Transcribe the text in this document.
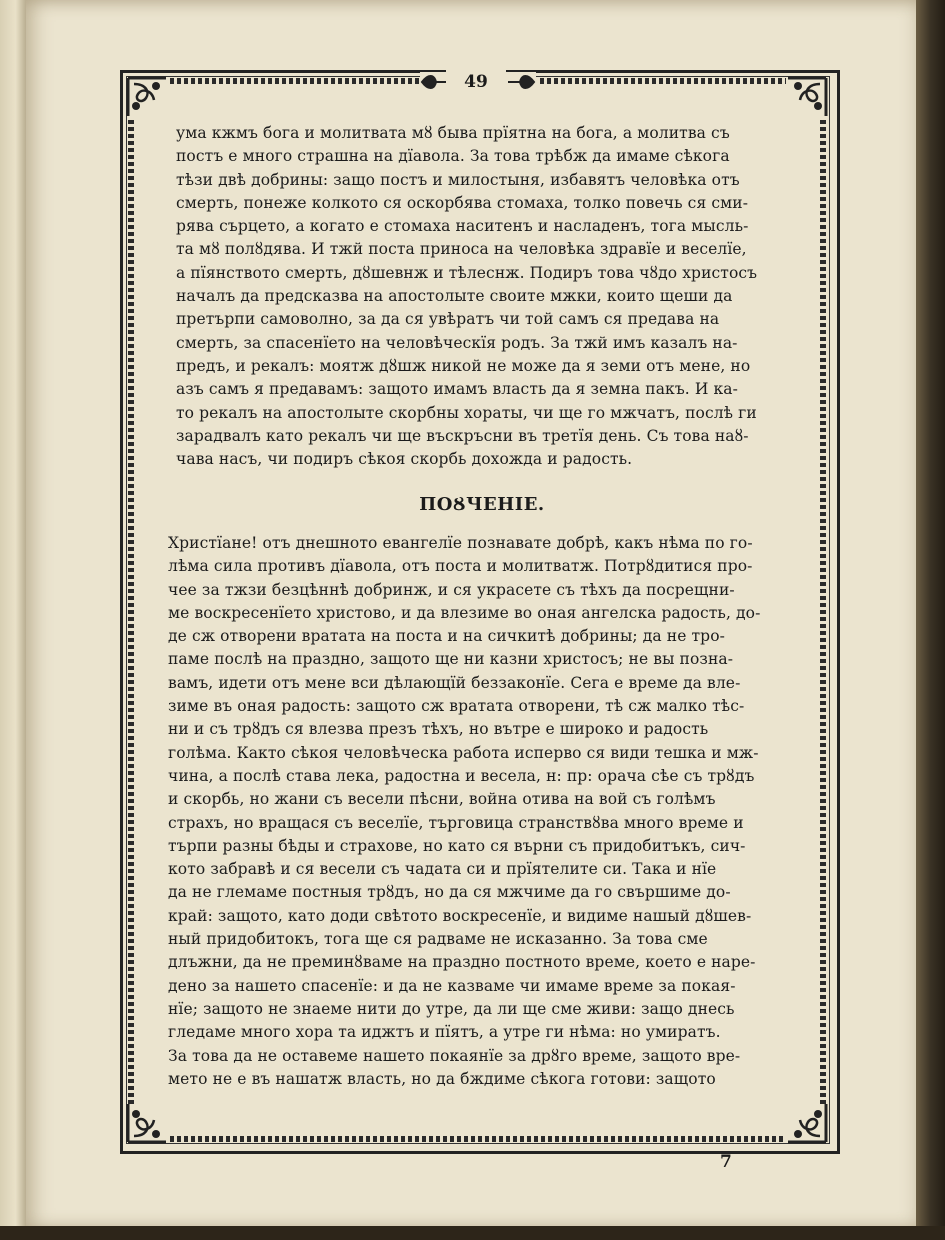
49
ума кжмъ бога и молитвата мȣ бывa прїятна на бога, а молитва съ
постъ е много страшна на дїавола. За това трѣбж да имаме сѣкога
тѣзи двѣ добрины: защо постъ и милостыня, избавятъ человѣка отъ
смерть, понеже колкото ся оскорбява стомаха, толко повечь ся сми-
рява сърцето, а когато е стомаха наситенъ и насладенъ, тога мысль-
та мȣ полȣдява. И тжй поста приноса на человѣка здравїе и веселїе,
а пїянството смерть, дȣшевнж и тѣлеснж. Подиръ това чȣдо христосъ
началъ да предсказва на апостолыте своите мжки, които щеши да
претърпи самоволно, за да ся увѣратъ чи той самъ ся предава на
смерть, за спасенїето на человѣческїя родъ. За тжй имъ казалъ на-
предъ, и рекалъ: моятж дȣшж никой не може да я земи отъ мене, но
азъ самъ я предавамъ: защото имамъ власть да я земна пакъ. И ка-
то рекалъ на апостолыте скорбны хораты, чи ще го мжчатъ, послѣ ги
зарадвалъ като рекалъ чи ще въскръсни въ третїя день. Съ това наȣ-
чава насъ, чи подиръ сѣкоя скорбь дохожда и радость.
ПОȢЧЕНІЕ.
Христїане! отъ днешното евангелїе познавате добрѣ, какъ нѣма по го-
лѣма сила противъ дїавола, отъ поста и молитватж. Потрȣдитися про-
чее за тжзи безцѣннѣ добринж, и ся украсете съ тѣхъ да посрещни-
ме воскресенїето христово, и да влезиме во оная ангелска радость, до-
де сж отворени вратата на поста и на сичкитѣ добрины; да не тро-
паме послѣ на праздно, защото ще ни казни христосъ; не вы позна-
вамъ, идети отъ мене вси дѣлающїй беззаконїе. Сега е време да вле-
зиме въ оная радость: защото сж вратата отворени, тѣ сж малко тѣс-
ни и съ трȣдъ ся влезва презъ тѣхъ, но вътре е широко и радость
голѣма. Както сѣкоя человѣческа работа исперво ся види тешка и мж-
чина, а послѣ става лека, радостна и весела, н: пр: орача сѣе съ трȣдъ
и скорбь, но жани съ весели пѣсни, война отива на вой съ голѣмъ
страхъ, но вращася съ веселїе, търговица странствȣва много време и
търпи разны бѣды и страхове, но като ся върни съ придобитъкъ, сич-
кото забравѣ и ся весели съ чадата си и прїятелите си. Така и нїе
да не глемаме постныя трȣдъ, но да ся мжчиме да го свършиме до-
край: защото, като доди свѣтото воскресенїе, и видиме нашый дȣшев-
ный придобитокъ, тога ще ся радваме не исказанно. За това сме
длъжни, да не преминȣваме на праздно постното време, което е наре-
дено за нашето спасенїе: и да не казваме чи имаме време за покая-
нїе; защото не знаеме нити до утре, да ли ще сме живи: защо днесь
гледаме много хора та иджтъ и пїятъ, а утре ги нѣма: но умиратъ.
За това да не оставеме нашето покаянїе за дрȣго време, защото вре-
мето не е въ нашатж власть, но да бждиме сѣкога готови: защото
7
